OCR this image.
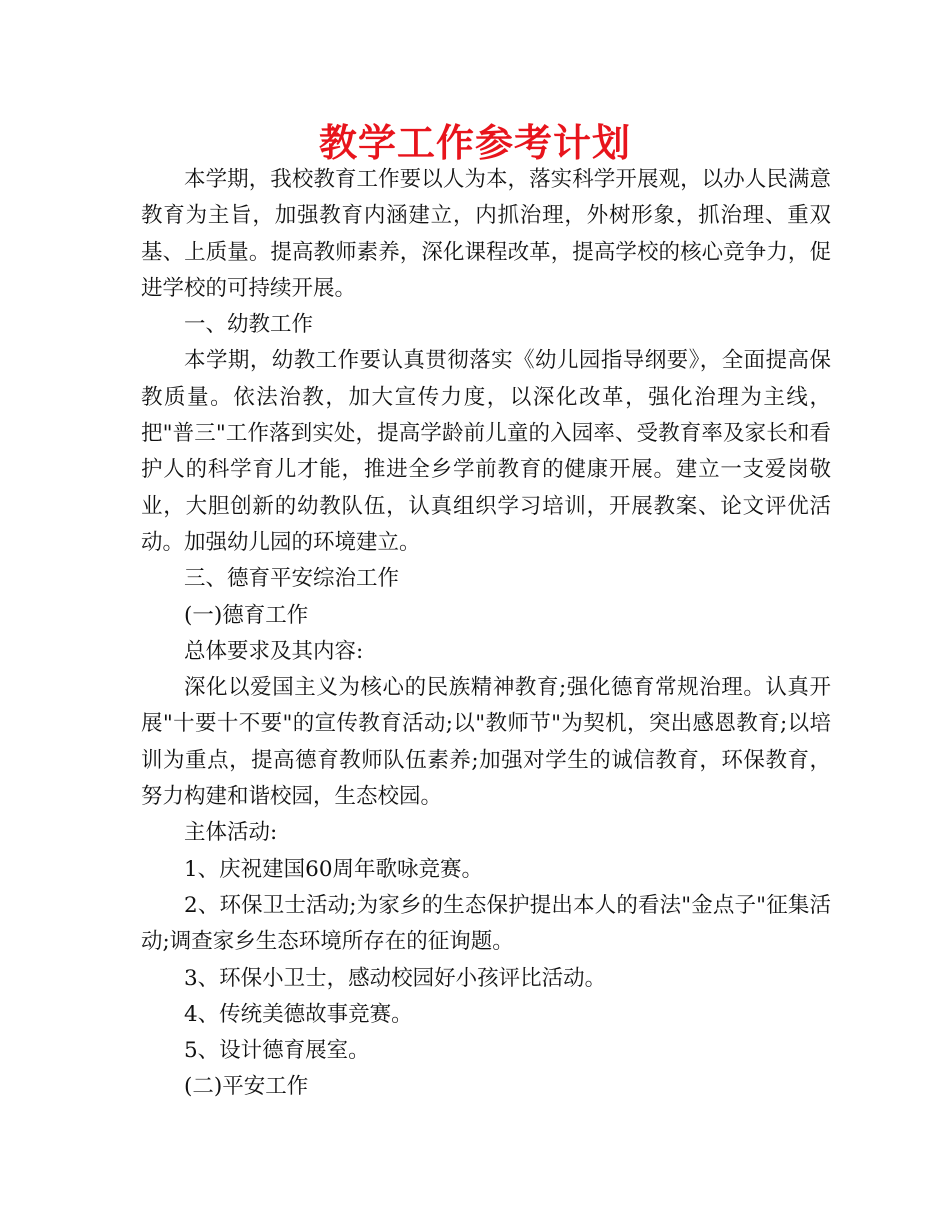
教学工作参考计划

本学期，我校教育工作要以人为本，落实科学开展观，以办人民满意教育为主旨，加强教育内涵建立，内抓治理，外树形象，抓治理、重双基、上质量。提高教师素养，深化课程改革，提高学校的核心竞争力，促进学校的可持续开展。

一、幼教工作

本学期，幼教工作要认真贯彻落实《幼儿园指导纲要》，全面提高保教质量。依法治教，加大宣传力度，以深化改革，强化治理为主线，把"普三"工作落到实处，提高学龄前儿童的入园率、受教育率及家长和看护人的科学育儿才能，推进全乡学前教育的健康开展。建立一支爱岗敬业，大胆创新的幼教队伍，认真组织学习培训，开展教案、论文评优活动。加强幼儿园的环境建立。

三、德育平安综治工作

(一)德育工作

总体要求及其内容:

深化以爱国主义为核心的民族精神教育;强化德育常规治理。认真开展"十要十不要"的宣传教育活动;以"教师节"为契机，突出感恩教育;以培训为重点，提高德育教师队伍素养;加强对学生的诚信教育，环保教育，努力构建和谐校园，生态校园。

主体活动:

1、庆祝建国60周年歌咏竞赛。

2、环保卫士活动;为家乡的生态保护提出本人的看法"金点子"征集活动;调查家乡生态环境所存在的征询题。

3、环保小卫士，感动校园好小孩评比活动。

4、传统美德故事竞赛。

5、设计德育展室。

(二)平安工作
